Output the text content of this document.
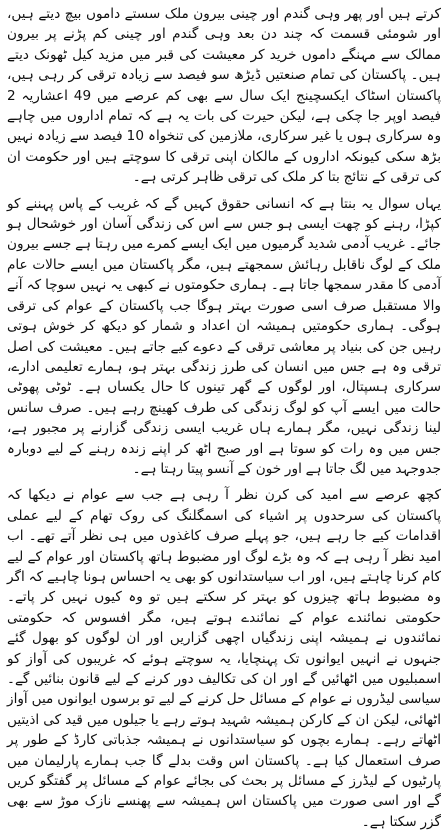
کرتے ہیں اور پھر وہی گندم اور چینی بیرون ملک سستے داموں بیچ دیتے ہیں، اور شومئی قسمت کہ چند دن بعد وہی گندم اور چینی کم پڑنے پر بیرون ممالک سے مہنگے داموں خرید کر معیشت کی قبر میں مزید کیل ٹھونک دیتے ہیں۔ پاکستان کی تمام صنعتیں ڈیڑھ سو فیصد سے زیادہ ترقی کر رہی ہیں، پاکستان اسٹاک ایکسچینج ایک سال سے بھی کم عرصے میں 49 اعشاریہ 2 فیصد اوپر جا چکی ہے، لیکن حیرت کی بات یہ ہے کہ تمام اداروں میں چاہے وہ سرکاری ہوں یا غیر سرکاری، ملازمین کی تنخواہ 10 فیصد سے زیادہ نہیں بڑھ سکی کیونکہ اداروں کے مالکان اپنی ترقی کا سوچتے ہیں اور حکومت ان کی ترقی کے نتائج بتا کر ملک کی ترقی ظاہر کرتی ہے۔

یہاں سوال یہ بنتا ہے کہ انسانی حقوق کہیں گے کہ غریب کے پاس پہننے کو کپڑا، رہنے کو چھت ایسی ہو جس سے اس کی زندگی آسان اور خوشحال ہو جائے۔ غریب آدمی شدید گرمیوں میں ایک ایسے کمرے میں رہتا ہے جسے بیرون ملک کے لوگ ناقابل رہائش سمجھتے ہیں، مگر پاکستان میں ایسے حالات عام آدمی کا مقدر سمجھا جاتا ہے۔ ہماری حکومتوں نے کبھی یہ نہیں سوچا کہ آنے والا مستقبل صرف اسی صورت بہتر ہوگا جب پاکستان کے عوام کی ترقی ہوگی۔ ہماری حکومتیں ہمیشہ ان اعداد و شمار کو دیکھ کر خوش ہوتی رہیں جن کی بنیاد پر معاشی ترقی کے دعوے کیے جاتے ہیں۔ معیشت کی اصل ترقی وہ ہے جس میں انسان کی طرز زندگی بہتر ہو، ہمارے تعلیمی ادارے، سرکاری ہسپتال، اور لوگوں کے گھر تینوں کا حال یکساں ہے۔ ٹوٹی پھوٹی حالت میں ایسے آپ کو لوگ زندگی کی طرف کھینچ رہے ہیں۔ صرف سانس لینا زندگی نہیں، مگر ہمارے ہاں غریب ایسی زندگی گزارنے پر مجبور ہے، جس میں وہ رات کو سوتا ہے اور صبح اٹھ کر اپنے زندہ رہنے کے لیے دوبارہ جدوجہد میں لگ جاتا ہے اور خون کے آنسو پیتا رہتا ہے۔

کچھ عرصے سے امید کی کرن نظر آ رہی ہے جب سے عوام نے دیکھا کہ پاکستان کی سرحدوں پر اشیاء کی اسمگلنگ کی روک تھام کے لیے عملی اقدامات کیے جا رہے ہیں، جو پہلے صرف کاغذوں میں ہی نظر آتے تھے۔ اب امید نظر آ رہی ہے کہ وہ بڑے لوگ اور مضبوط ہاتھ پاکستان اور عوام کے لیے کام کرنا چاہتے ہیں، اور اب سیاستدانوں کو بھی یہ احساس ہونا چاہیے کہ اگر وہ مضبوط ہاتھ چیزوں کو بہتر کر سکتے ہیں تو وہ کیوں نہیں کر پاتے۔ حکومتی نمائندے عوام کے نمائندے ہوتے ہیں، مگر افسوس کہ حکومتی نمائندوں نے ہمیشہ اپنی زندگیاں اچھی گزاریں اور ان لوگوں کو بھول گئے جنہوں نے انہیں ایوانوں تک پہنچایا، یہ سوچتے ہوئے کہ غریبوں کی آواز کو اسمبلیوں میں اٹھائیں گے اور ان کی تکالیف دور کرنے کے لیے قانون بنائیں گے۔ سیاسی لیڈروں نے عوام کے مسائل حل کرنے کے لیے تو برسوں ایوانوں میں آواز اٹھائی، لیکن ان کے کارکن ہمیشہ شہید ہوتے رہے یا جیلوں میں قید کی اذیتیں اٹھاتے رہے۔ ہمارے بچوں کو سیاستدانوں نے ہمیشہ جذباتی کارڈ کے طور پر صرف استعمال کیا ہے۔ پاکستان اس وقت بدلے گا جب ہمارے پارلیمان میں پارٹیوں کے لیڈرز کے مسائل پر بحث کی بجائے عوام کے مسائل پر گفتگو کریں گے اور اسی صورت میں پاکستان اس ہمیشہ سے پھنسے نازک موڑ سے بھی گزر سکتا ہے۔
